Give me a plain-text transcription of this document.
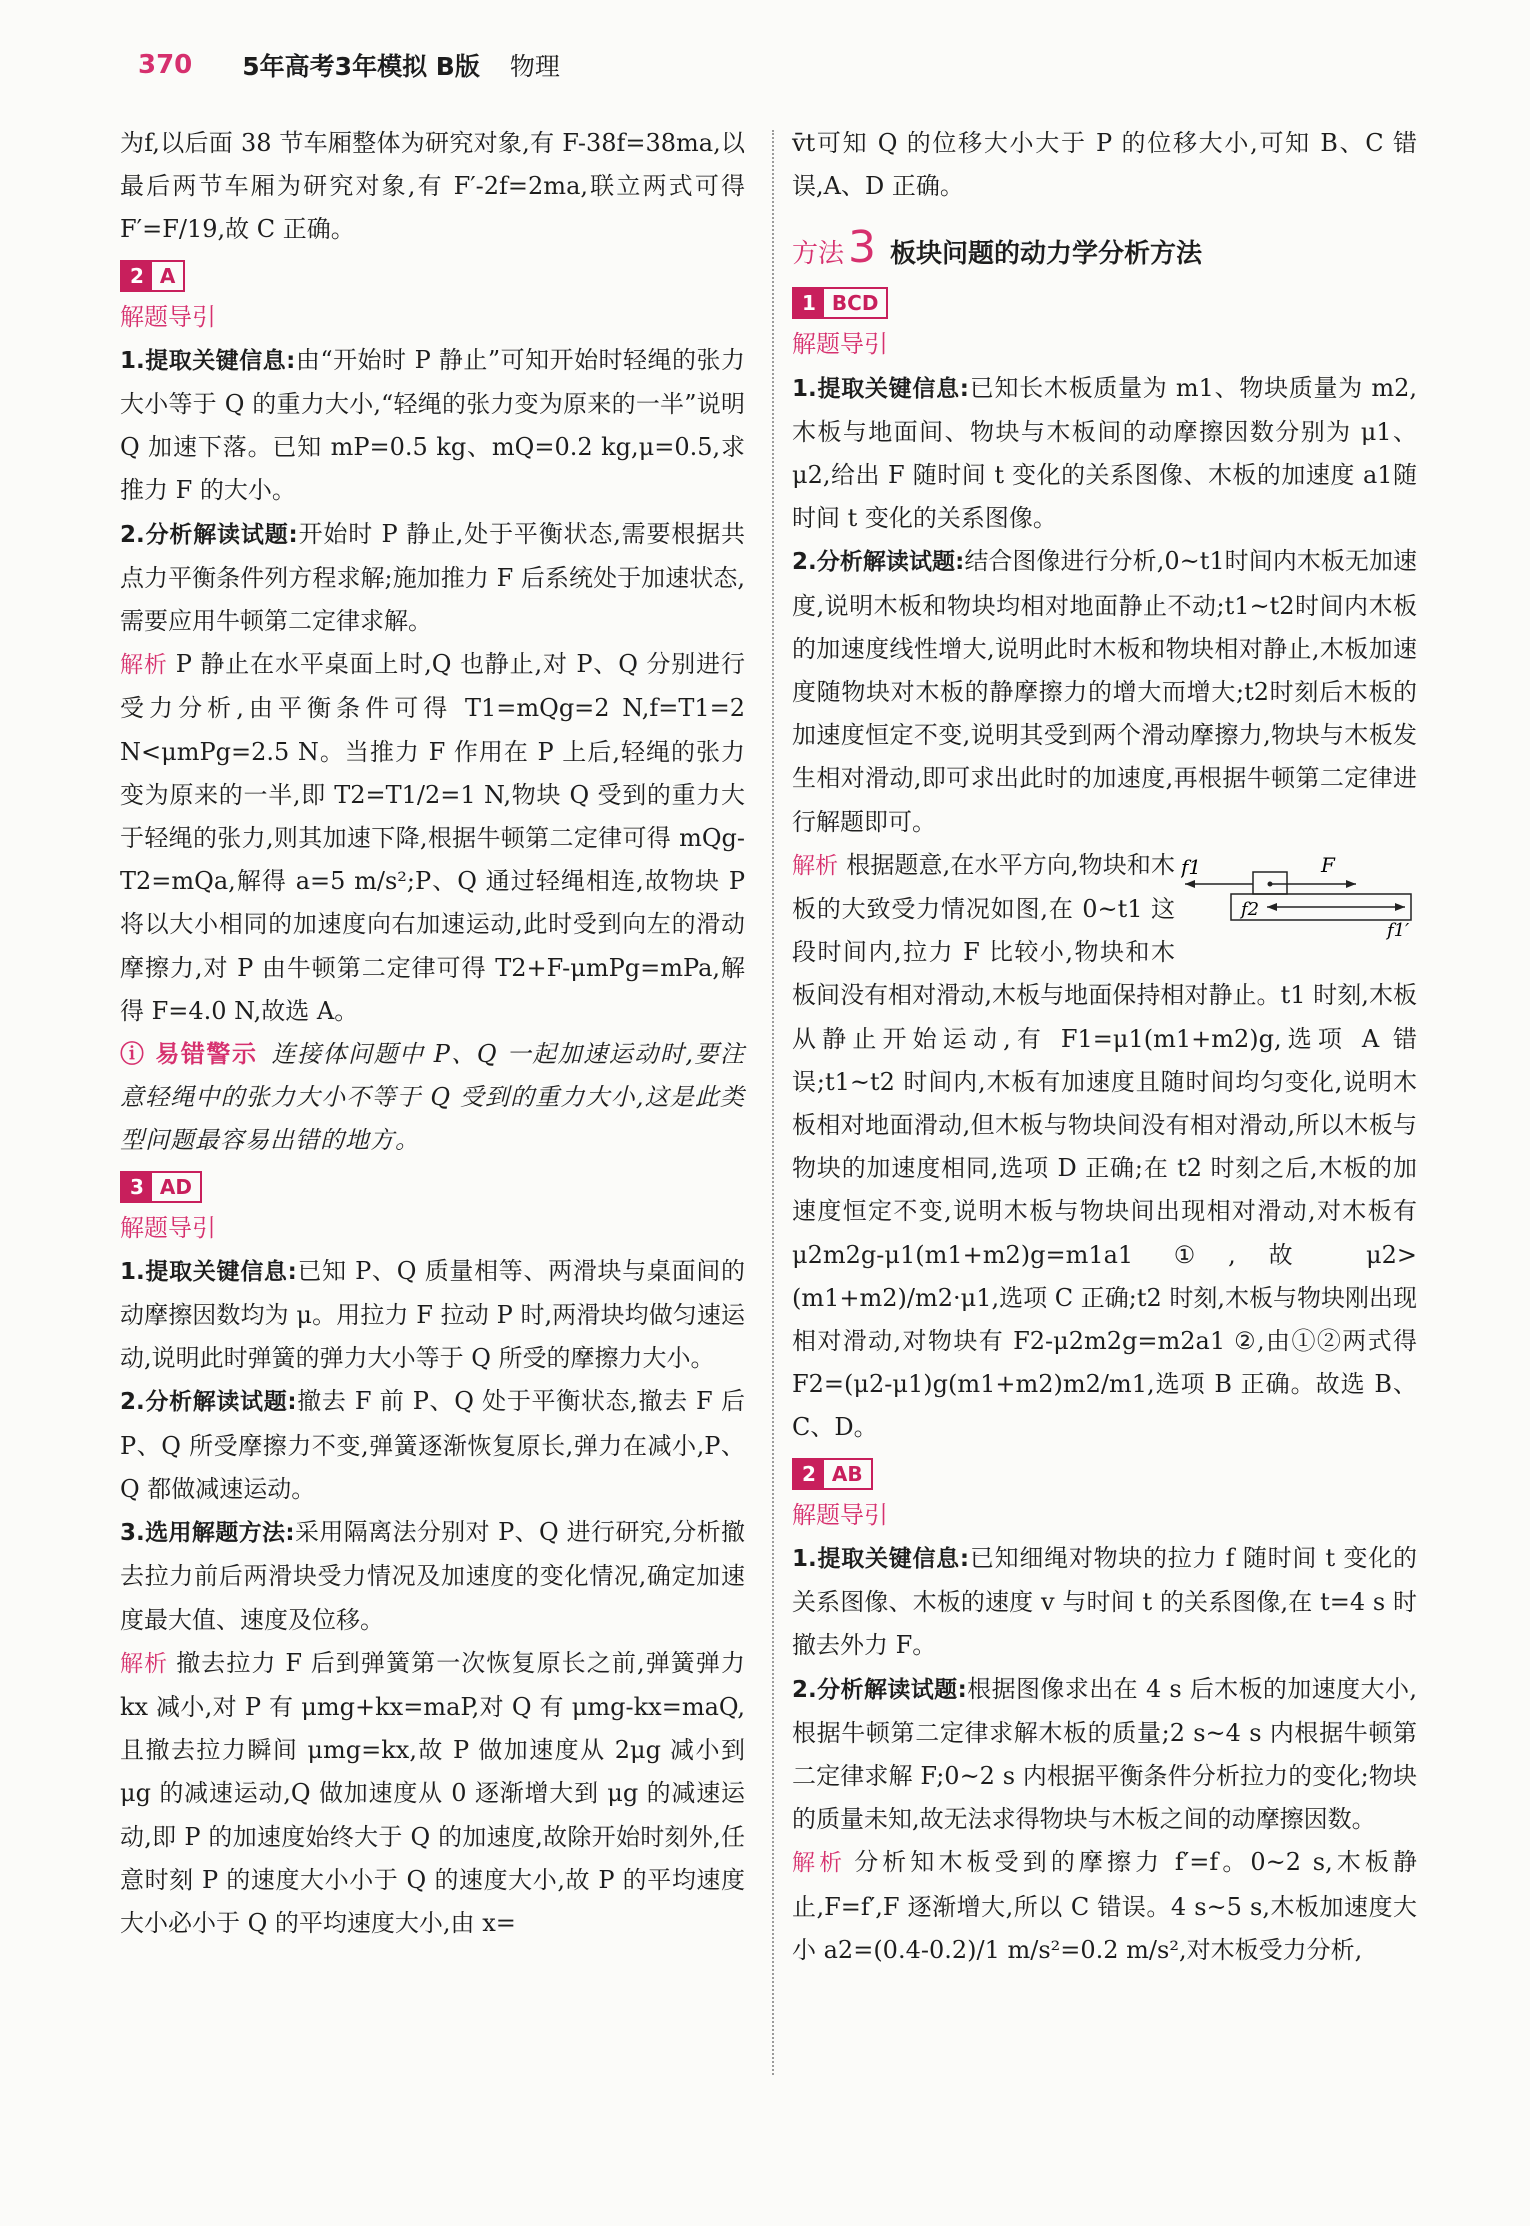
370 5年高考3年模拟 B版 物理

为f,以后面 38 节车厢整体为研究对象,有 F-38f=38ma,以最后两节车厢为研究对象,有 F′-2f=2ma,联立两式可得 F′=F/19,故 C 正确。

2 A

解题导引

1.提取关键信息:由“开始时 P 静止”可知开始时轻绳的张力大小等于 Q 的重力大小,“轻绳的张力变为原来的一半”说明 Q 加速下落。已知 mP=0.5 kg、mQ=0.2 kg,μ=0.5,求推力 F 的大小。

2.分析解读试题:开始时 P 静止,处于平衡状态,需要根据共点力平衡条件列方程求解;施加推力 F 后系统处于加速状态,需要应用牛顿第二定律求解。

解析 P 静止在水平桌面上时,Q 也静止,对 P、Q 分别进行受力分析,由平衡条件可得 T1=mQg=2 N,f=T1=2 N<μmPg=2.5 N。当推力 F 作用在 P 上后,轻绳的张力变为原来的一半,即 T2=T1/2=1 N,物块 Q 受到的重力大于轻绳的张力,则其加速下降,根据牛顿第二定律可得 mQg-T2=mQa,解得 a=5 m/s²;P、Q 通过轻绳相连,故物块 P 将以大小相同的加速度向右加速运动,此时受到向左的滑动摩擦力,对 P 由牛顿第二定律可得 T2+F-μmPg=mPa,解得 F=4.0 N,故选 A。

ⓘ 易错警示 连接体问题中 P、Q 一起加速运动时,要注意轻绳中的张力大小不等于 Q 受到的重力大小,这是此类型问题最容易出错的地方。

3 AD

解题导引

1.提取关键信息:已知 P、Q 质量相等、两滑块与桌面间的动摩擦因数均为 μ。用拉力 F 拉动 P 时,两滑块均做匀速运动,说明此时弹簧的弹力大小等于 Q 所受的摩擦力大小。

2.分析解读试题:撤去 F 前 P、Q 处于平衡状态,撤去 F 后 P、Q 所受摩擦力不变,弹簧逐渐恢复原长,弹力在减小,P、Q 都做减速运动。

3.选用解题方法:采用隔离法分别对 P、Q 进行研究,分析撤去拉力前后两滑块受力情况及加速度的变化情况,确定加速度最大值、速度及位移。

解析 撤去拉力 F 后到弹簧第一次恢复原长之前,弹簧弹力 kx 减小,对 P 有 μmg+kx=maP,对 Q 有 μmg-kx=maQ,且撤去拉力瞬间 μmg=kx,故 P 做加速度从 2μg 减小到 μg 的减速运动,Q 做加速度从 0 逐渐增大到 μg 的减速运动,即 P 的加速度始终大于 Q 的加速度,故除开始时刻外,任意时刻 P 的速度大小小于 Q 的速度大小,故 P 的平均速度大小必小于 Q 的平均速度大小,由 x=

v̄t可知 Q 的位移大小大于 P 的位移大小,可知 B、C 错误,A、D 正确。

方法 3 板块问题的动力学分析方法
1 BCD

解题导引

1.提取关键信息:已知长木板质量为 m1、物块质量为 m2,木板与地面间、物块与木板间的动摩擦因数分别为 μ1、μ2,给出 F 随时间 t 变化的关系图像、木板的加速度 a1随时间 t 变化的关系图像。

2.分析解读试题:结合图像进行分析,0~t1时间内木板无加速度,说明木板和物块均相对地面静止不动;t1~t2时间内木板的加速度线性增大,说明此时木板和物块相对静止,木板加速度随物块对木板的静摩擦力的增大而增大;t2时刻后木板的加速度恒定不变,说明其受到两个滑动摩擦力,物块与木板发生相对滑动,即可求出此时的加速度,再根据牛顿第二定律进行解题即可。

f1	F
f2
f1′
解析 根据题意,在水平方向,物块和木板的大致受力情况如图,在 0~t1 这段时间内,拉力 F 比较小,物块和木板间没有相对滑动,木板与地面保持相对静止。t1 时刻,木板从静止开始运动,有 F1=μ1(m1+m2)g,选项 A 错误;t1~t2 时间内,木板有加速度且随时间均匀变化,说明木板相对地面滑动,但木板与物块间没有相对滑动,所以木板与物块的加速度相同,选项 D 正确;在 t2 时刻之后,木板的加速度恒定不变,说明木板与物块间出现相对滑动,对木板有 μ2m2g-μ1(m1+m2)g=m1a1 ①,故 μ2>(m1+m2)/m2·μ1,选项 C 正确;t2 时刻,木板与物块刚出现相对滑动,对物块有 F2-μ2m2g=m2a1 ②,由①②两式得 F2=(μ2-μ1)g(m1+m2)m2/m1,选项 B 正确。故选 B、C、D。

2 AB

解题导引

1.提取关键信息:已知细绳对物块的拉力 f 随时间 t 变化的关系图像、木板的速度 v 与时间 t 的关系图像,在 t=4 s 时撤去外力 F。

2.分析解读试题:根据图像求出在 4 s 后木板的加速度大小,根据牛顿第二定律求解木板的质量;2 s~4 s 内根据牛顿第二定律求解 F;0~2 s 内根据平衡条件分析拉力的变化;物块的质量未知,故无法求得物块与木板之间的动摩擦因数。

解析 分析知木板受到的摩擦力 f′=f。0~2 s,木板静止,F=f′,F 逐渐增大,所以 C 错误。4 s~5 s,木板加速度大小 a2=(0.4-0.2)/1 m/s²=0.2 m/s²,对木板受力分析,
